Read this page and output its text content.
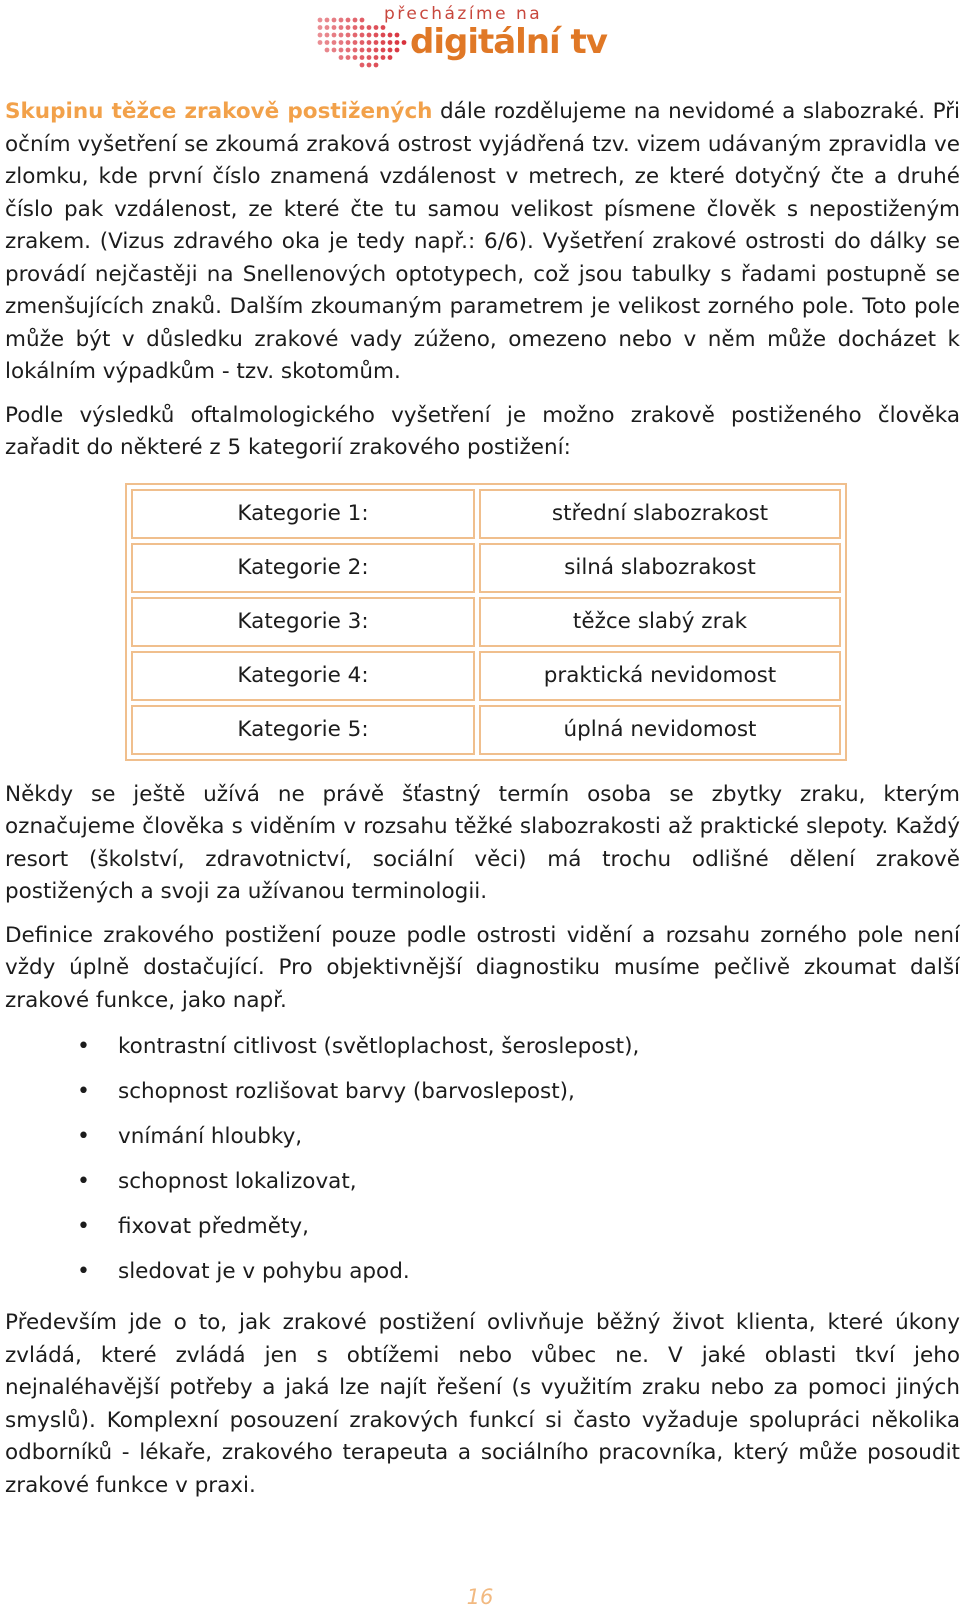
přecházíme na
digitální tv

Skupinu těžce zrakově postižených dále rozdělujeme na nevidomé a slabozraké. Při očním vyšetření se zkoumá zraková ostrost vyjádřená tzv. vizem udávaným zpravidla ve zlomku, kde první číslo znamená vzdálenost v metrech, ze které dotyčný čte a druhé číslo pak vzdálenost, ze které čte tu samou velikost písmene člověk s nepostiženým zrakem. (Vizus zdravého oka je tedy např.: 6/6). Vyšetření zrakové ostrosti do dálky se provádí nejčastěji na Snellenových optotypech, což jsou tabulky s řadami postupně se zmenšujících znaků. Dalším zkoumaným parametrem je velikost zorného pole. Toto pole může být v důsledku zrakové vady zúženo, omezeno nebo v něm může docházet k lokálním výpadkům - tzv. skotomům.

Podle výsledků oftalmologického vyšetření je možno zrakově postiženého člověka zařadit do některé z 5 kategorií zrakového postižení:

Kategorie 1:	střední slabozrakost
Kategorie 2:	silná slabozrakost
Kategorie 3:	těžce slabý zrak
Kategorie 4:	praktická nevidomost
Kategorie 5:	úplná nevidomost

Někdy se ještě užívá ne právě šťastný termín osoba se zbytky zraku, kterým označujeme člověka s viděním v rozsahu těžké slabozrakosti až praktické slepoty. Každý resort (školství, zdravotnictví, sociální věci) má trochu odlišné dělení zrakově postižených a svoji za užívanou terminologii.

Definice zrakového postižení pouze podle ostrosti vidění a rozsahu zorného pole není vždy úplně dostačující. Pro objektivnější diagnostiku musíme pečlivě zkoumat další zrakové funkce, jako např.

• kontrastní citlivost (světloplachost, šeroslepost),
• schopnost rozlišovat barvy (barvoslepost),
• vnímání hloubky,
• schopnost lokalizovat,
• fixovat předměty,
• sledovat je v pohybu apod.

Především jde o to, jak zrakové postižení ovlivňuje běžný život klienta, které úkony zvládá, které zvládá jen s obtížemi nebo vůbec ne. V jaké oblasti tkví jeho nejnaléhavější potřeby a jaká lze najít řešení (s využitím zraku nebo za pomoci jiných smyslů). Komplexní posouzení zrakových funkcí si často vyžaduje spolupráci několika odborníků - lékaře, zrakového terapeuta a sociálního pracovníka, který může posoudit zrakové funkce v praxi.

16
